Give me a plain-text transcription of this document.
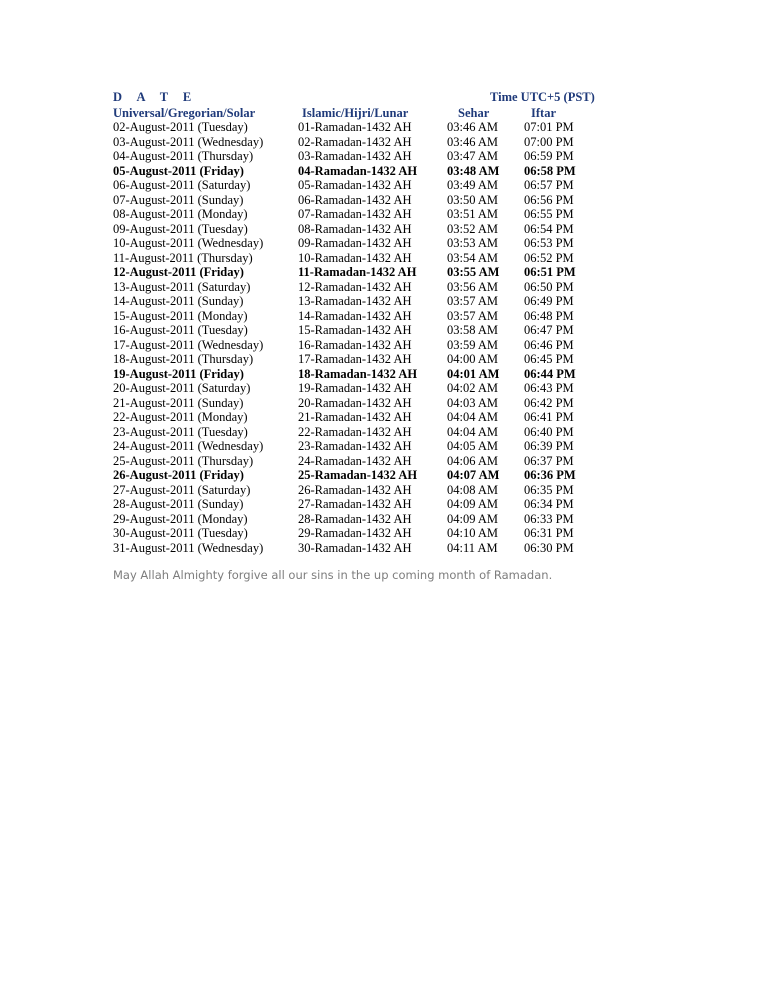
D A T E	Time UTC+5 (PST)
Universal/Gregorian/Solar	Islamic/Hijri/Lunar	Sehar	Iftar
02-August-2011 (Tuesday)	01-Ramadan-1432 AH	03:46 AM 07:01 PM
03-August-2011 (Wednesday)	02-Ramadan-1432 AH	03:46 AM 07:00 PM
04-August-2011 (Thursday)	03-Ramadan-1432 AH	03:47 AM 06:59 PM
05-August-2011 (Friday)	04-Ramadan-1432 AH 03:48 AM 06:58 PM
06-August-2011 (Saturday)	05-Ramadan-1432 AH	03:49 AM 06:57 PM
07-August-2011 (Sunday)	06-Ramadan-1432 AH	03:50 AM 06:56 PM
08-August-2011 (Monday)	07-Ramadan-1432 AH	03:51 AM 06:55 PM
09-August-2011 (Tuesday)	08-Ramadan-1432 AH	03:52 AM 06:54 PM
10-August-2011 (Wednesday)	09-Ramadan-1432 AH	03:53 AM 06:53 PM
11-August-2011 (Thursday)	10-Ramadan-1432 AH	03:54 AM 06:52 PM
12-August-2011 (Friday)	11-Ramadan-1432 AH 03:55 AM 06:51 PM
13-August-2011 (Saturday)	12-Ramadan-1432 AH	03:56 AM 06:50 PM
14-August-2011 (Sunday)	13-Ramadan-1432 AH	03:57 AM 06:49 PM
15-August-2011 (Monday)	14-Ramadan-1432 AH	03:57 AM 06:48 PM
16-August-2011 (Tuesday)	15-Ramadan-1432 AH	03:58 AM 06:47 PM
17-August-2011 (Wednesday)	16-Ramadan-1432 AH	03:59 AM 06:46 PM
18-August-2011 (Thursday)	17-Ramadan-1432 AH	04:00 AM 06:45 PM
19-August-2011 (Friday)	18-Ramadan-1432 AH 04:01 AM 06:44 PM
20-August-2011 (Saturday)	19-Ramadan-1432 AH	04:02 AM 06:43 PM
21-August-2011 (Sunday)	20-Ramadan-1432 AH	04:03 AM 06:42 PM
22-August-2011 (Monday)	21-Ramadan-1432 AH	04:04 AM 06:41 PM
23-August-2011 (Tuesday)	22-Ramadan-1432 AH	04:04 AM 06:40 PM
24-August-2011 (Wednesday)	23-Ramadan-1432 AH	04:05 AM 06:39 PM
25-August-2011 (Thursday)	24-Ramadan-1432 AH	04:06 AM 06:37 PM
26-August-2011 (Friday)	25-Ramadan-1432 AH 04:07 AM 06:36 PM
27-August-2011 (Saturday)	26-Ramadan-1432 AH	04:08 AM 06:35 PM
28-August-2011 (Sunday)	27-Ramadan-1432 AH	04:09 AM 06:34 PM
29-August-2011 (Monday)	28-Ramadan-1432 AH	04:09 AM 06:33 PM
30-August-2011 (Tuesday)	29-Ramadan-1432 AH	04:10 AM 06:31 PM
31-August-2011 (Wednesday)	30-Ramadan-1432 AH	04:11 AM 06:30 PM
May Allah Almighty forgive all our sins in the up coming month of Ramadan.
